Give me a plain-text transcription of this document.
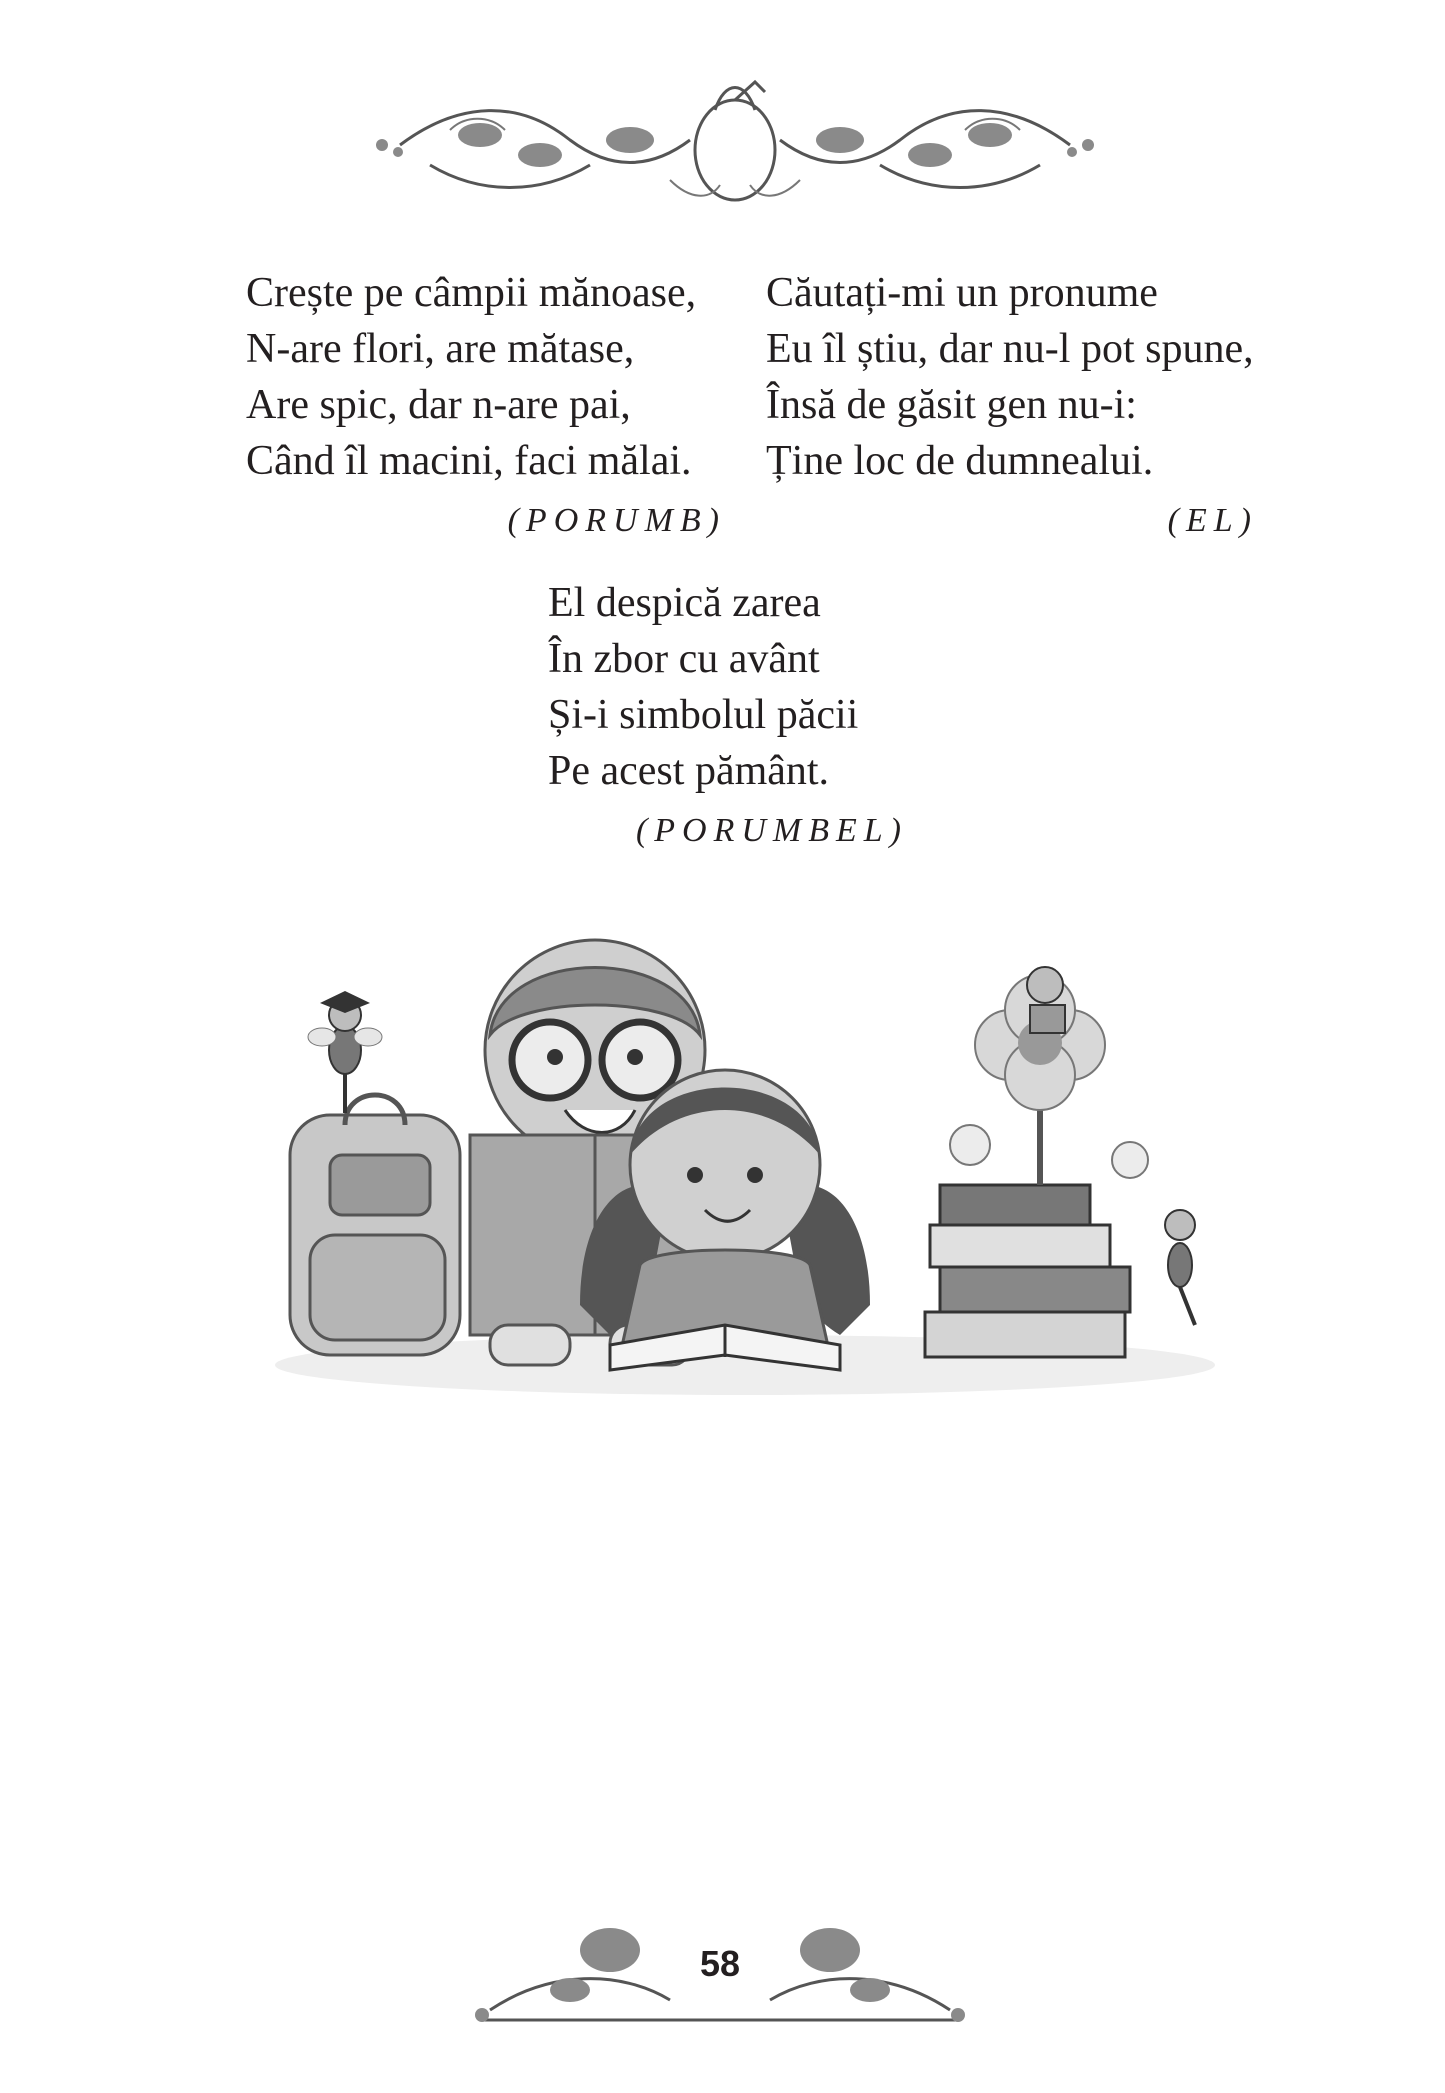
Crește pe câmpii mănoase,
N-are flori, are mătase,
Are spic, dar n-are pai,
Când îl macini, faci mălai.
(PORUMB)
Căutați-mi un pronume
Eu îl știu, dar nu-l pot spune,
Însă de găsit gen nu-i:
Ține loc de dumnealui.
(EL)
El despică zarea
În zbor cu avânt
Și-i simbolul păcii
Pe acest pământ.
(PORUMBEL)
58
